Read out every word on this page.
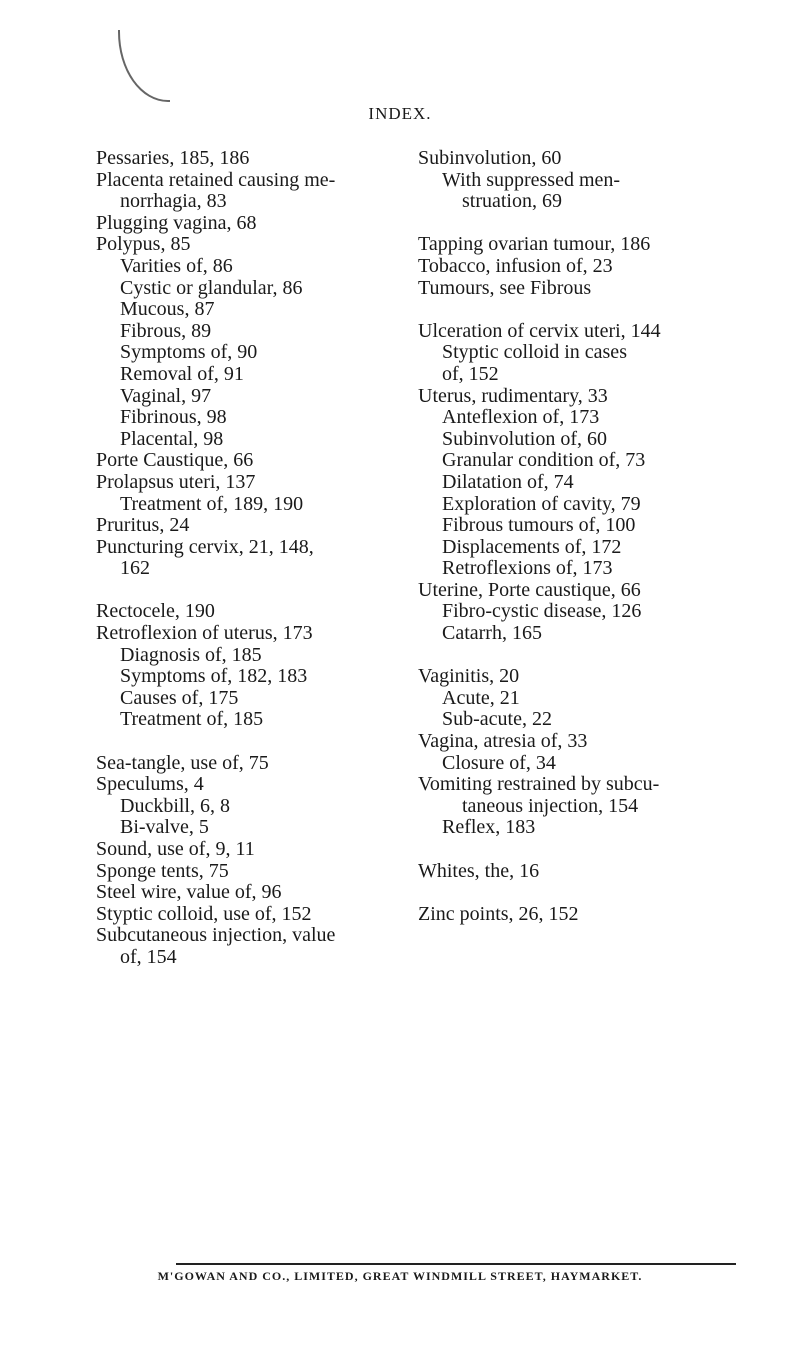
INDEX.
Pessaries, 185, 186
Placenta retained causing me-
norrhagia, 83
Plugging vagina, 68
Polypus, 85
Varities of, 86
Cystic or glandular, 86
Mucous, 87
Fibrous, 89
Symptoms of, 90
Removal of, 91
Vaginal, 97
Fibrinous, 98
Placental, 98
Porte Caustique, 66
Prolapsus uteri, 137
Treatment of, 189, 190
Pruritus, 24
Puncturing cervix, 21, 148,
162
Rectocele, 190
Retroflexion of uterus, 173
Diagnosis of, 185
Symptoms of, 182, 183
Causes of, 175
Treatment of, 185
Sea-tangle, use of, 75
Speculums, 4
Duckbill, 6, 8
Bi-valve, 5
Sound, use of, 9, 11
Sponge tents, 75
Steel wire, value of, 96
Styptic colloid, use of, 152
Subcutaneous injection, value
of, 154
Subinvolution, 60
With suppressed men-
struation, 69
Tapping ovarian tumour, 186
Tobacco, infusion of, 23
Tumours, see Fibrous
Ulceration of cervix uteri, 144
Styptic colloid in cases
of, 152
Uterus, rudimentary, 33
Anteflexion of, 173
Subinvolution of, 60
Granular condition of, 73
Dilatation of, 74
Exploration of cavity, 79
Fibrous tumours of, 100
Displacements of, 172
Retroflexions of, 173
Uterine, Porte caustique, 66
Fibro-cystic disease, 126
Catarrh, 165
Vaginitis, 20
Acute, 21
Sub-acute, 22
Vagina, atresia of, 33
Closure of, 34
Vomiting restrained by subcu-
taneous injection, 154
Reflex, 183
Whites, the, 16
Zinc points, 26, 152
M'GOWAN AND CO., LIMITED, GREAT WINDMILL STREET, HAYMARKET.
